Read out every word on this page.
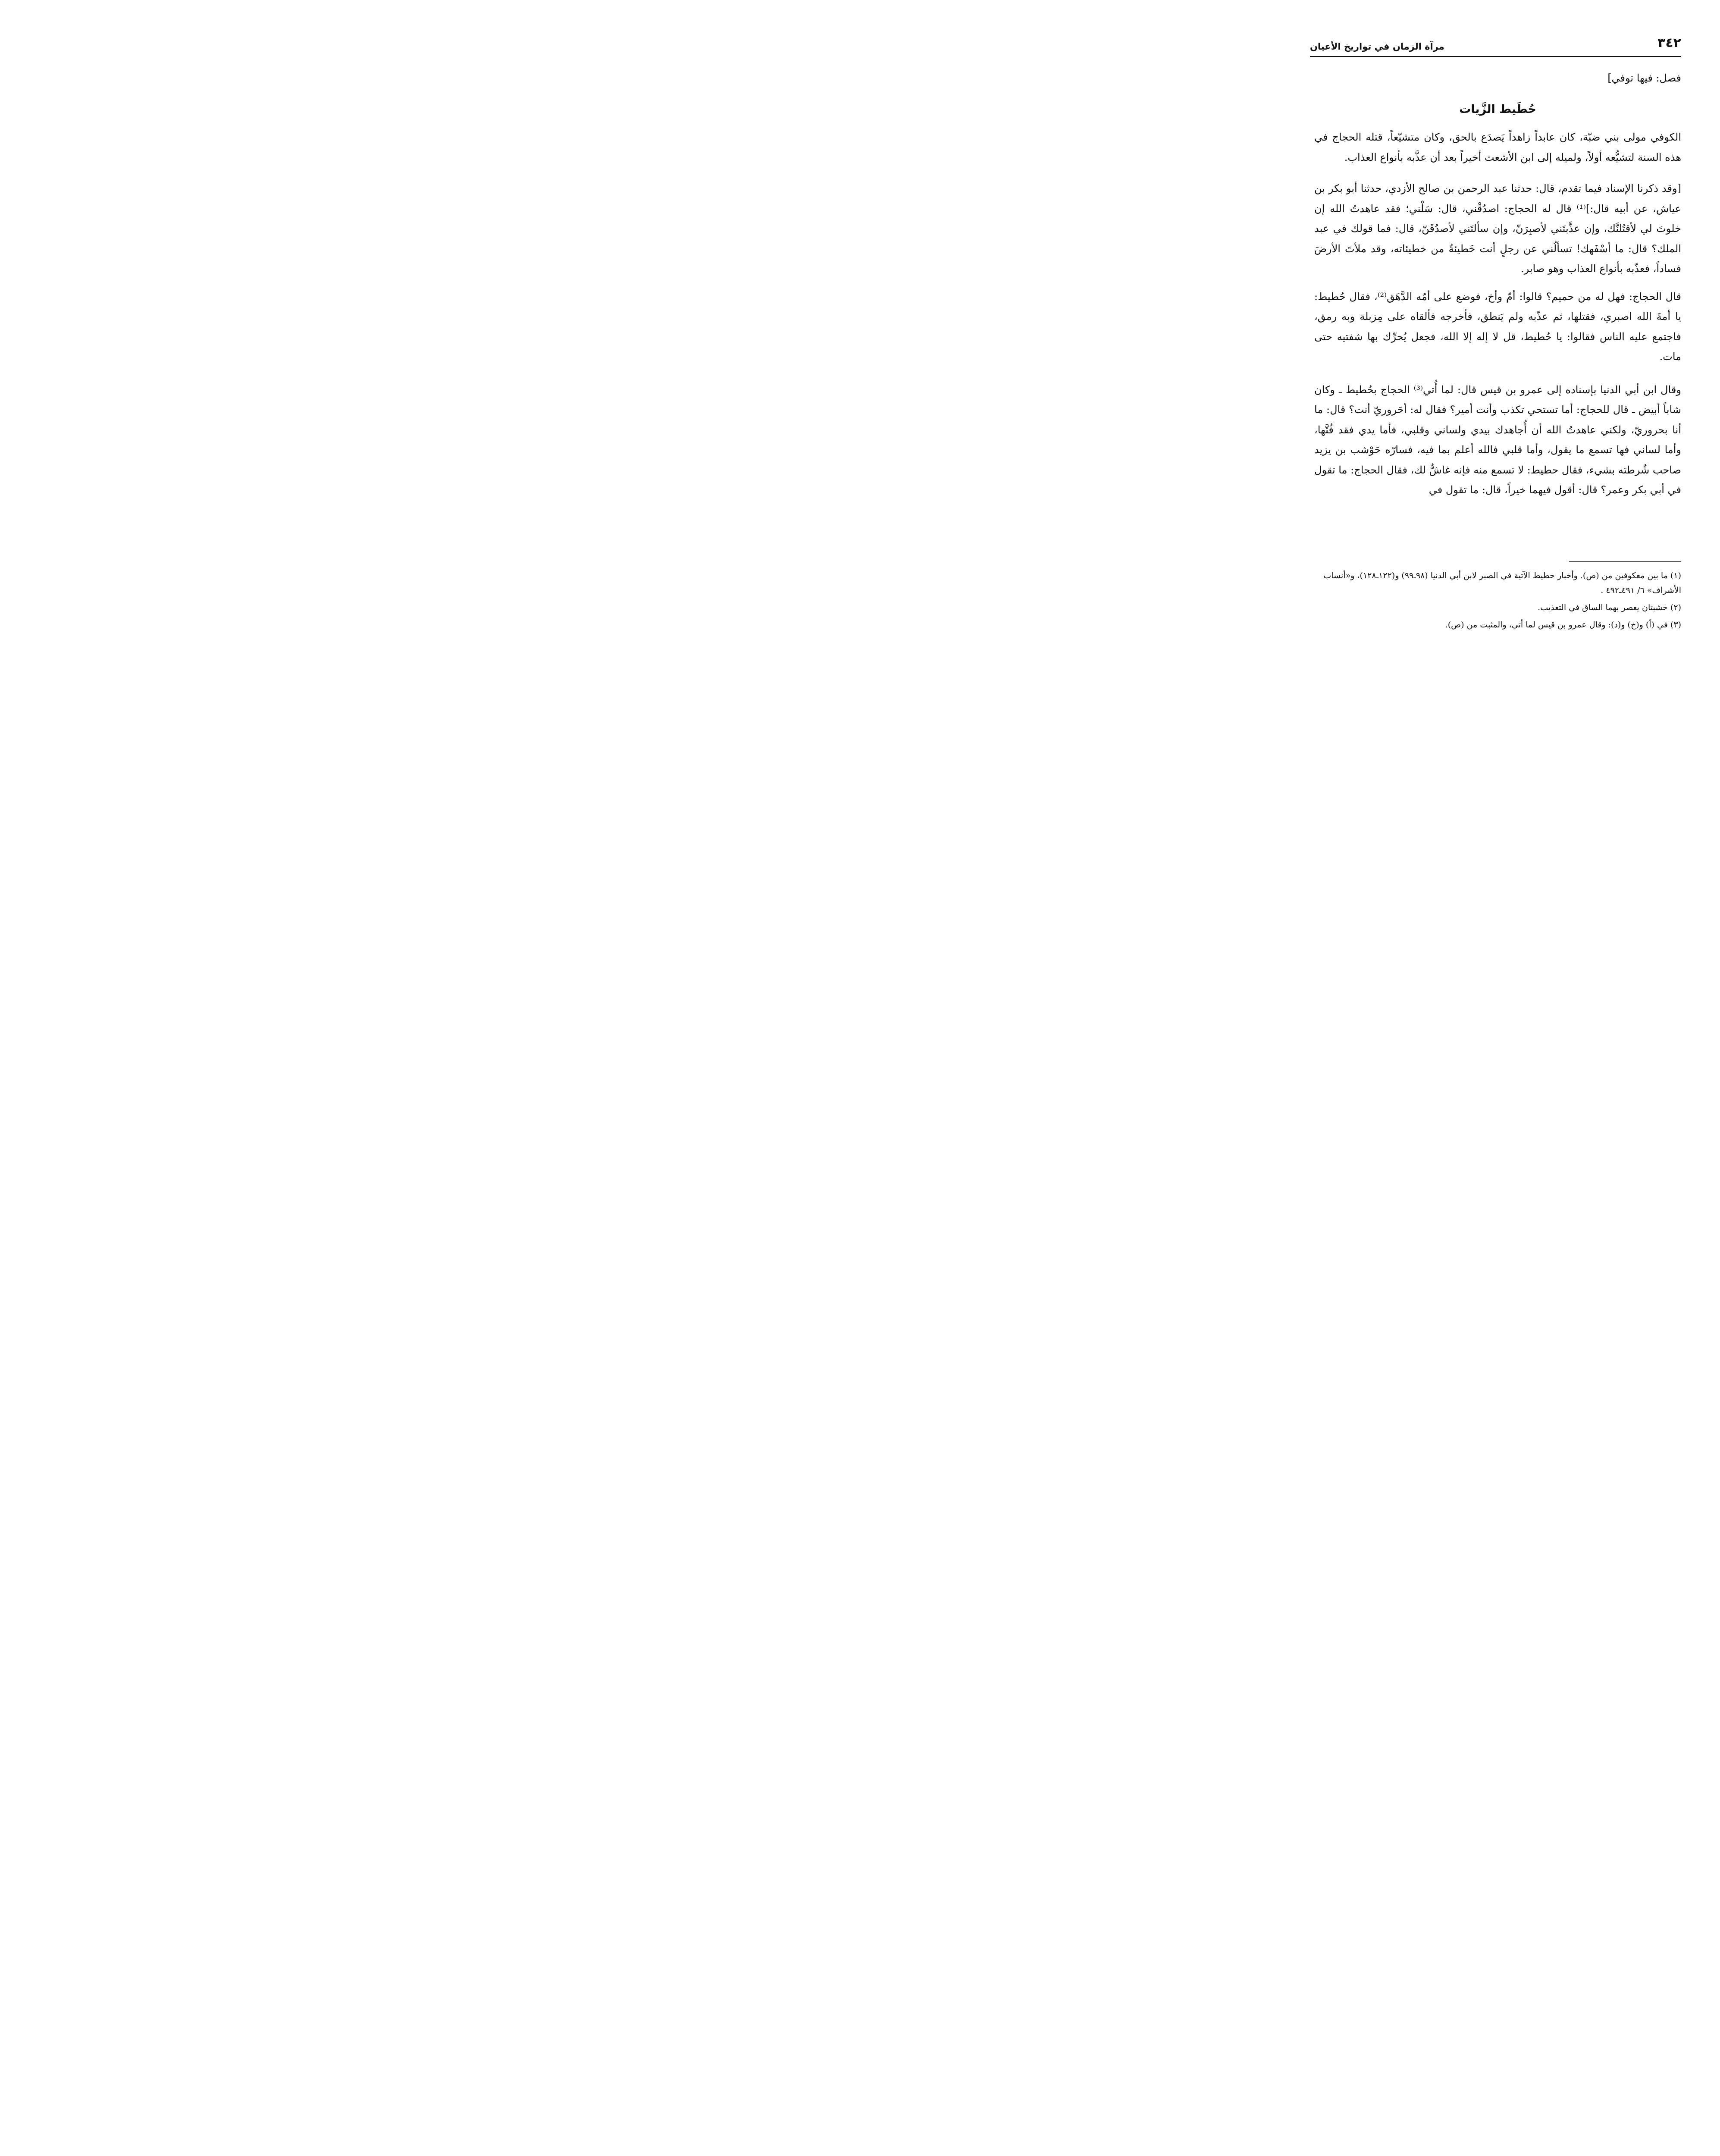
٣٤٢
مرآة الزمان في تواريخ الأعيان

فصل: فيها توفي]

حُطَيط الزَّيات

الكوفي مولى بني ضبّة، كان عابداً زاهداً يَصدَع بالحق، وكان متشيّعاً، قتله الحجاج في هذه السنة لتشيُّعه أولاً، ولميله إلى ابن الأشعث أخيراً بعد أن عذَّبه بأنواع العذاب.

[وقد ذكرنا الإسناد فيما تقدم، قال: حدثنا عبد الرحمن بن صالح الأزدي، حدثنا أبو بكر بن عياش، عن أبيه قال:]⁽¹⁾ قال له الحجاج: اصدُقْني، قال: سَلْني؛ فقد عاهدتُ الله إن خلوتَ لي لأقتُلنَّك، وإن عذَّبتَني لأصبِرَنّ، وإن سألتَني لأصدُقَنّ، قال: فما قولك في عبد الملك؟ قال: ما أسْفَهك! تسألُني عن رجلٍ أنت خَطيئةٌ من خطيئاته، وقد ملأتَ الأرضَ فساداً، فعذّبه بأنواع العذاب وهو صابر.

قال الحجاج: فهل له من حميم؟ قالوا: أمّ وأخ، فوضع على أمّه الدَّهَق⁽²⁾، فقال حُطيط: يا أمةَ الله اصبري، فقتلها، ثم عذّبه ولم يَنطق، فأخرجه فألقاه على مِزبلة وبه رمق، فاجتمع عليه الناس فقالوا: يا حُطيط، قل لا إله إلا الله، فجعل يُحرِّك بها شفتيه حتى مات.

وقال ابن أبي الدنيا بإسناده إلى عمرو بن قيس قال: لما أُتي⁽³⁾ الحجاج بحُطيط ـ وكان شاباً أبيض ـ قال للحجاج: أما تستحي تكذب وأنت أمير؟ فقال له: أحَروريّ أنت؟ قال: ما أنا بحروريّ، ولكني عاهدتُ الله أن أُجاهدك بيدي ولساني وقلبي، فأما يدي فقد فُتَّها، وأما لساني فها تسمع ما يقول، وأما قلبي فالله أعلم بما فيه، فسارّه حَوْشب بن يزيد صاحب شُرطته بشيء، فقال حطيط: لا تسمع منه فإنه غاشٌّ لك، فقال الحجاج: ما تقول في أبي بكر وعمر؟ قال: أقول فيهما خيراً، قال: ما تقول في

(١) ما بين معكوفين من (ص). وأخبار حطيط الآتية في الصبر لابن أبي الدنيا (٩٨ـ٩٩) و(١٢٢ـ١٢٨)، و«أنساب الأشراف» ٦/ ٤٩١ـ٤٩٢ .

(٢) خشبتان يعصر بهما الساق في التعذيب.

(٣) في (أ) و(خ) و(د): وقال عمرو بن قيس لما أتي، والمثبت من (ص).
